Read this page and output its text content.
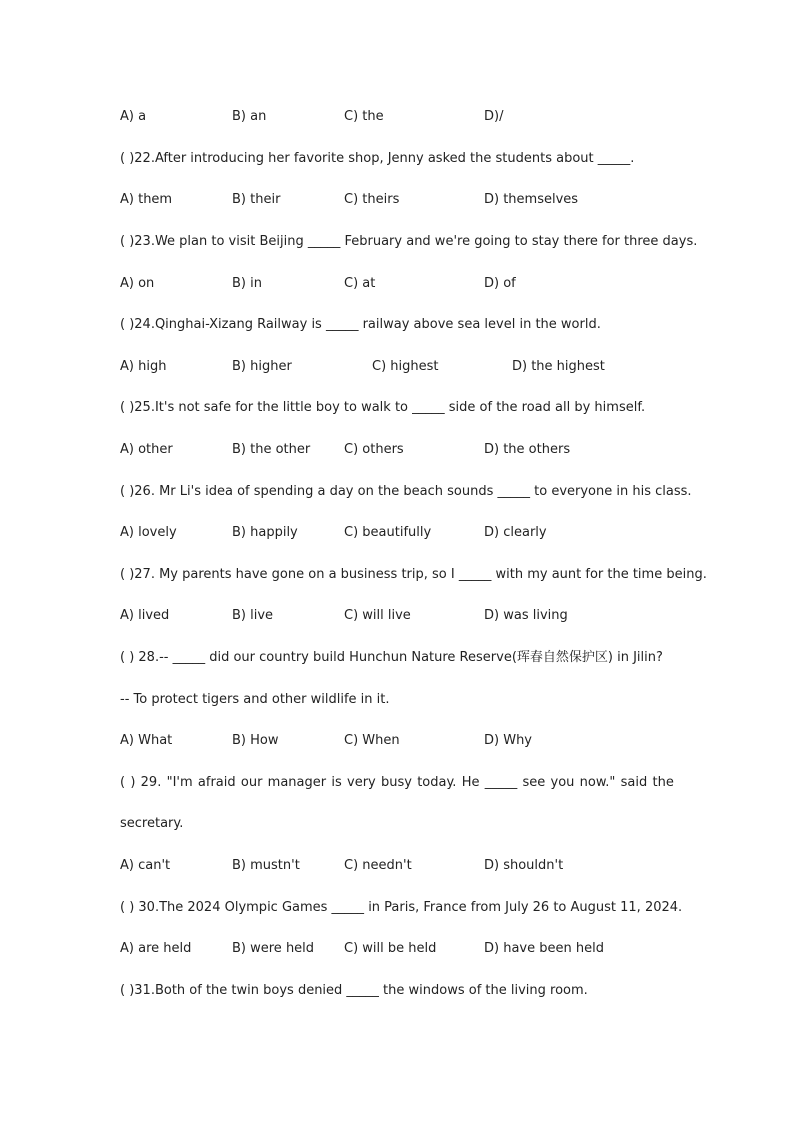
A) a	B) an	C) the	D)/
( )22.After introducing her favorite shop, Jenny asked the students about _____.
A) them	B) their	C) theirs	D) themselves
( )23.We plan to visit Beijing _____ February and we're going to stay there for three days.
A) on	B) in	C) at	D) of
( )24.Qinghai-Xizang Railway is _____ railway above sea level in the world.
A) high	B) higher	C) highest	D) the highest
( )25.It's not safe for the little boy to walk to _____ side of the road all by himself.
A) other	B) the other	C) others	D) the others
( )26. Mr Li's idea of spending a day on the beach sounds _____ to everyone in his class.
A) lovely	B) happily	C) beautifully	D) clearly
( )27. My parents have gone on a business trip, so I _____ with my aunt for the time being.
A) lived	B) live	C) will live	D) was living
( ) 28.-- _____ did our country build Hunchun Nature Reserve(珲春自然保护区) in Jilin?
-- To protect tigers and other wildlife in it.
A) What	B) How	C) When	D) Why
( ) 29. "I'm afraid our manager is very busy today. He _____ see you now." said the
secretary.
A) can't	B) mustn't	C) needn't	D) shouldn't
( ) 30.The 2024 Olympic Games _____ in Paris, France from July 26 to August 11, 2024.
A) are held	B) were held C) will be held	D) have been held
( )31.Both of the twin boys denied _____ the windows of the living room.
